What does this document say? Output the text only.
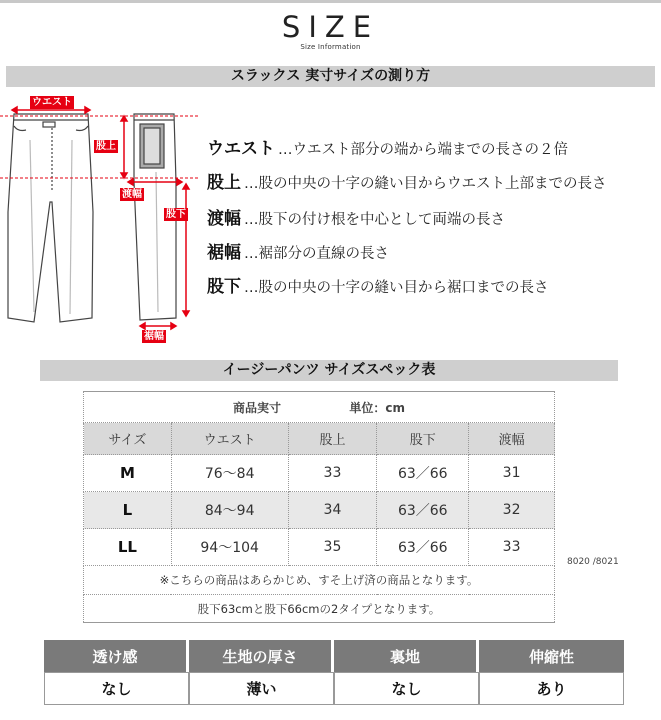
SIZE
Size Information
スラックス 実寸サイズの測り方
ウエスト
股上
渡幅
股下
裾幅
ウエスト …ウエスト部分の端から端までの長さの２倍
股上 …股の中央の十字の縫い目からウエスト上部までの長さ
渡幅 …股下の付け根を中心として両端の長さ
裾幅 …裾部分の直線の長さ
股下 …股の中央の十字の縫い目から裾口までの長さ
イージーパンツ サイズスペック表
商品実寸 単位：cm				
サイズ	ウエスト	股上	股下	渡幅
M	76～84	33	63／66	31
L	84～94	34	63／66	32
LL	94～104	35	63／66	33
※こちらの商品はあらかじめ、すそ上げ済の商品となります。				
股下63cmと股下66cmの2タイプとなります。				
8020 /8021
透け感	生地の厚さ	裏地	伸縮性
なし	薄い	なし	あり
